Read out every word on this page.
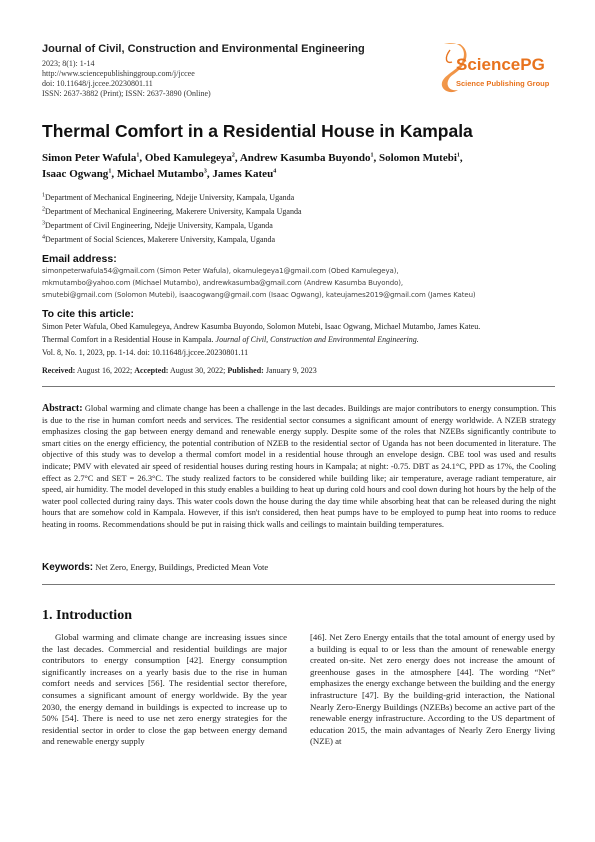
Journal of Civil, Construction and Environmental Engineering
2023; 8(1): 1-14
http://www.sciencepublishinggroup.com/j/jccee
doi: 10.11648/j.jccee.20230801.11
ISSN: 2637-3882 (Print); ISSN: 2637-3890 (Online)
SciencePG
Science Publishing Group
Thermal Comfort in a Residential House in Kampala
Simon Peter Wafula$^1$, Obed Kamulegeya$^2$, Andrew Kasumba Buyondo$^1$, Solomon Mutebi$^1$,
Isaac Ogwang$^1$, Michael Mutambo$^3$, James Kateu$^4$
$^1$Department of Mechanical Engineering, Ndejje University, Kampala, Uganda
$^2$Department of Mechanical Engineering, Makerere University, Kampala Uganda
$^3$Department of Civil Engineering, Ndejje University, Kampala, Uganda
$^4$Department of Social Sciences, Makerere University, Kampala, Uganda
Email address:
simonpeterwafula54@gmail.com (Simon Peter Wafula), okamulegeya1@gmail.com (Obed Kamulegeya),
mkmutambo@yahoo.com (Michael Mutambo), andrewkasumba@gmail.com (Andrew Kasumba Buyondo),
smutebi@gmail.com (Solomon Mutebi), isaacogwang@gmail.com (Isaac Ogwang), kateujames2019@gmail.com (James Kateu)
To cite this article:
Simon Peter Wafula, Obed Kamulegeya, Andrew Kasumba Buyondo, Solomon Mutebi, Isaac Ogwang, Michael Mutambo, James Kateu.
Thermal Comfort in a Residential House in Kampala. Journal of Civil, Construction and Environmental Engineering.
Vol. 8, No. 1, 2023, pp. 1-14. doi: 10.11648/j.jccee.20230801.11
Received: August 16, 2022; Accepted: August 30, 2022; Published: January 9, 2023

Abstract: Global warming and climate change has been a challenge in the last decades. Buildings are major contributors to energy consumption. This is due to the rise in human comfort needs and services. The residential sector consumes a significant amount of energy worldwide. A NZEB strategy emphasizes closing the gap between energy demand and renewable energy supply. Despite some of the roles that NZEBs significantly contribute to smart cities on the energy efficiency, the potential contribution of NZEB to the residential sector of Uganda has not been documented in literature. The objective of this study was to develop a thermal comfort model in a residential house through an envelope design. CBE tool was used and results indicate; PMV with elevated air speed of residential houses during resting hours in Kampala; at night: -0.75. DBT as 24.1°C, PPD as 17%, the Cooling effect as 2.7°C and SET = 26.3°C. The study realized factors to be considered while building like; air temperature, average radiant temperature, air speed, air humidity. The model developed in this study enables a building to heat up during cold hours and cool down during hot hours by the help of the water pool collected during rainy days. This water cools down the house during the day time while absorbing heat that can be released during the night hours that are somehow cold in Kampala. However, if this isn't considered, then heat pumps have to be employed to pump heat into rooms to reduce heating in rooms. Recommendations should be put in raising thick walls and ceilings to maintain building temperatures.

Keywords: Net Zero, Energy, Buildings, Predicted Mean Vote
1. Introduction

Global warming and climate change are increasing issues since the last decades. Commercial and residential buildings are major contributors to energy consumption [42]. Energy consumption significantly increases on a yearly basis due to the rise in human comfort needs and services [56]. The residential sector therefore, consumes a significant amount of energy worldwide. By the year 2030, the energy demand in buildings is expected to increase up to 50% [54]. There is need to use net zero energy strategies for the residential sector in order to close the gap between energy demand and renewable energy supply

[46]. Net Zero Energy entails that the total amount of energy used by a building is equal to or less than the amount of renewable energy created on-site. Net zero energy does not increase the amount of greenhouse gases in the atmosphere [44]. The wording “Net” emphasizes the energy exchange between the building and the energy infrastructure [47]. By the building-grid interaction, the National Nearly Zero-Energy Buildings (NZEBs) become an active part of the renewable energy infrastructure. According to the US department of education 2015, the main advantages of Nearly Zero Energy living (NZE) at
